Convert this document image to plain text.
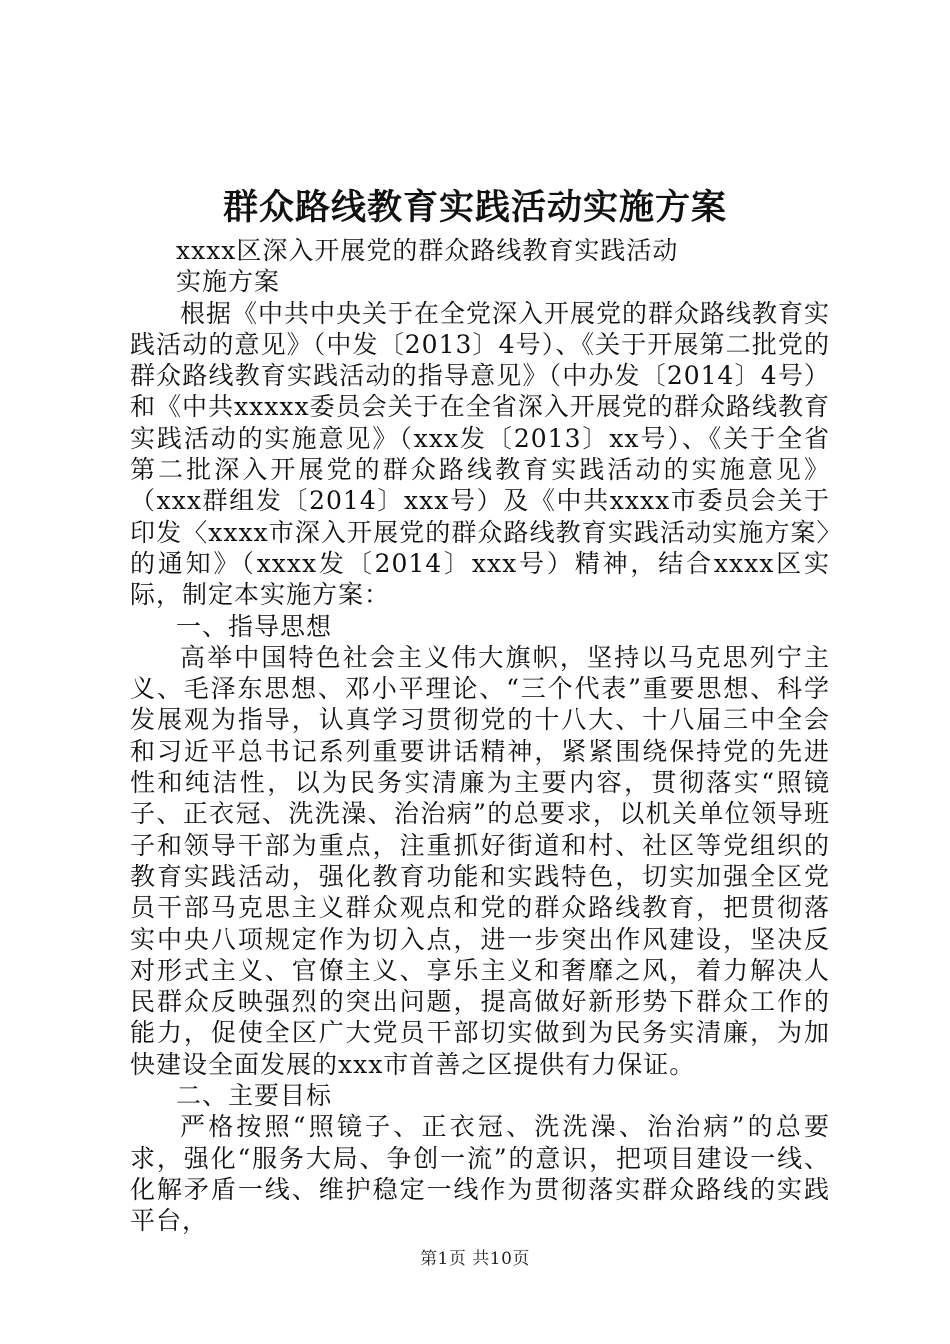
群众路线教育实践活动实施方案

xxxx区深入开展党的群众路线教育实践活动

实施方案

根据《中共中央关于在全党深入开展党的群众路线教育实践活动的意见》（中发〔2013〕4号）、《关于开展第二批党的群众路线教育实践活动的指导意见》（中办发〔2014〕4号）和《中共xxxxx委员会关于在全省深入开展党的群众路线教育实践活动的实施意见》（xxx发〔2013〕xx号）、《关于全省第二批深入开展党的群众路线教育实践活动的实施意见》（xxx群组发〔2014〕xxx号）及《中共xxxx市委员会关于印发〈xxxx市深入开展党的群众路线教育实践活动实施方案〉的通知》（xxxx发〔2014〕xxx号）精神，结合xxxx区实际，制定本实施方案：

一、指导思想

高举中国特色社会主义伟大旗帜，坚持以马克思列宁主义、毛泽东思想、邓小平理论、“三个代表”重要思想、科学发展观为指导，认真学习贯彻党的十八大、十八届三中全会和习近平总书记系列重要讲话精神，紧紧围绕保持党的先进性和纯洁性，以为民务实清廉为主要内容，贯彻落实“照镜子、正衣冠、洗洗澡、治治病”的总要求，以机关单位领导班子和领导干部为重点，注重抓好街道和村、社区等党组织的教育实践活动，强化教育功能和实践特色，切实加强全区党员干部马克思主义群众观点和党的群众路线教育，把贯彻落实中央八项规定作为切入点，进一步突出作风建设，坚决反对形式主义、官僚主义、享乐主义和奢靡之风，着力解决人民群众反映强烈的突出问题，提高做好新形势下群众工作的能力，促使全区广大党员干部切实做到为民务实清廉，为加快建设全面发展的xxx市首善之区提供有力保证。

二、主要目标

严格按照“照镜子、正衣冠、洗洗澡、治治病”的总要求，强化“服务大局、争创一流”的意识，把项目建设一线、化解矛盾一线、维护稳定一线作为贯彻落实群众路线的实践平台，

第1页 共10页
